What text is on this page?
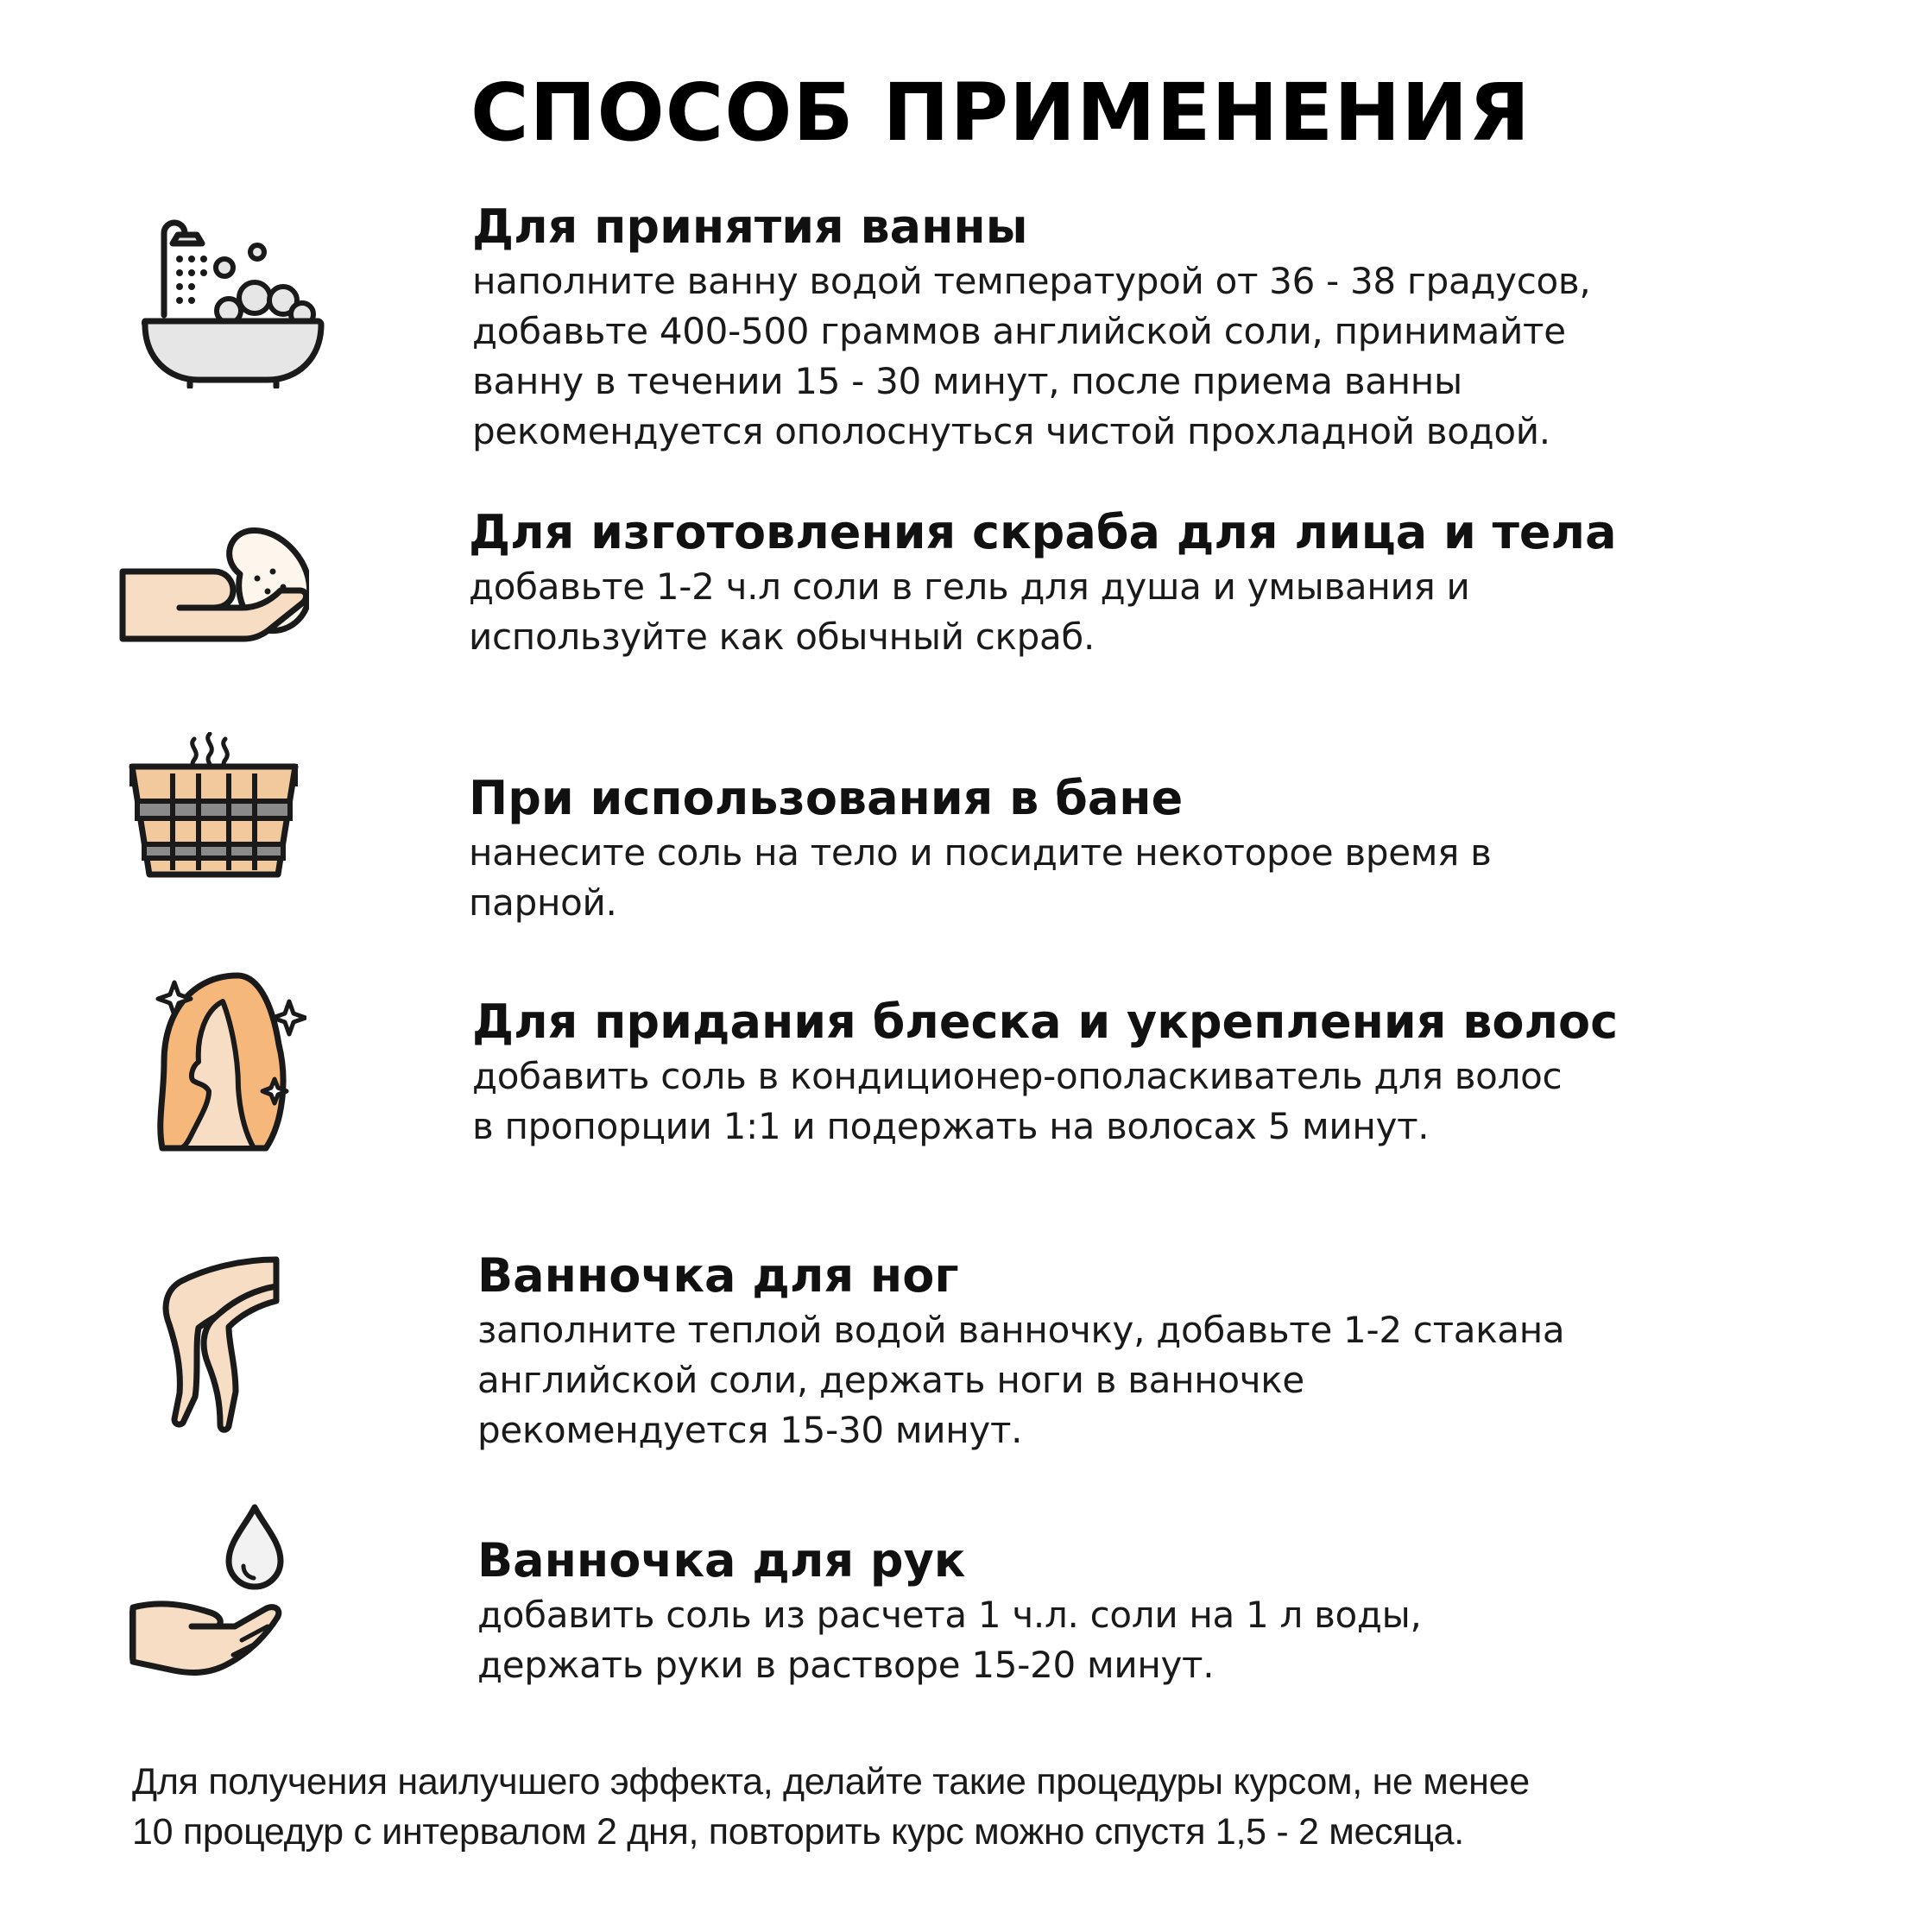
СПОСОБ ПРИМЕНЕНИЯ
Для принятия ванны

наполните ванну водой температурой от 36 - 38 градусов,

добавьте 400-500 граммов английской соли, принимайте

ванну в течении 15 - 30 минут, после приема ванны

рекомендуется ополоснуться чистой прохладной водой.

Для изготовления скраба для лица и тела

добавьте 1-2 ч.л соли в гель для душа и умывания и

используйте как обычный скраб.

При использования в бане

нанесите соль на тело и посидите некоторое время в

парной.

Для придания блеска и укрепления волос

добавить соль в кондиционер-ополаскиватель для волос

в пропорции 1:1 и подержать на волосах 5 минут.

Ванночка для ног

заполните теплой водой ванночку, добавьте 1-2 стакана

английской соли, держать ноги в ванночке

рекомендуется 15-30 минут.

Ванночка для рук

добавить соль из расчета 1 ч.л. соли на 1 л воды,

держать руки в растворе 15-20 минут.

Для получения наилучшего эффекта, делайте такие процедуры курсом, не менее
10 процедур с интервалом 2 дня, повторить курс можно спустя 1,5 - 2 месяца.
